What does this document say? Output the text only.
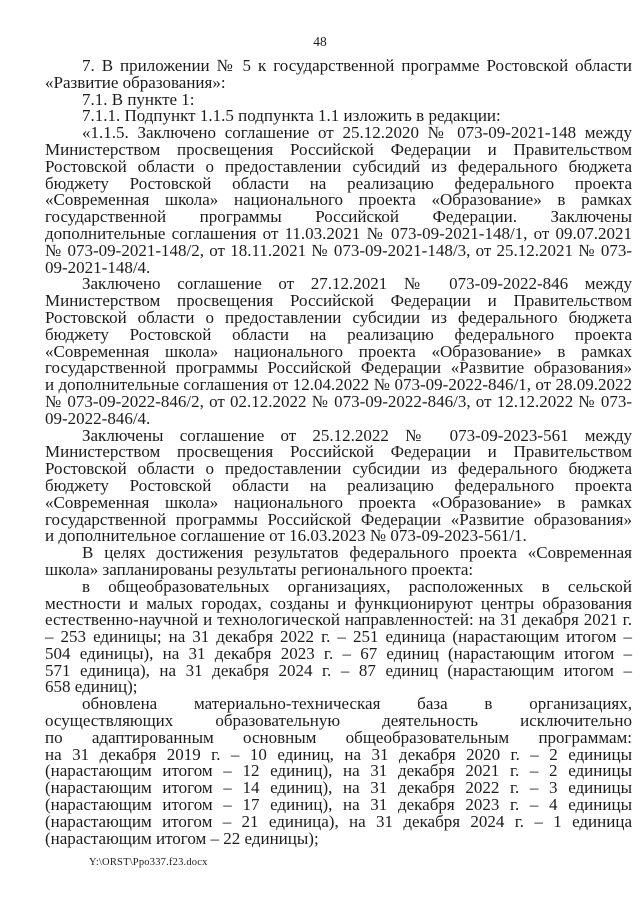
48

7. В приложении № 5 к государственной программе Ростовской области «Развитие образования»:

7.1. В пункте 1:

7.1.1. Подпункт 1.1.5 подпункта 1.1 изложить в редакции:

«1.1.5. Заключено соглашение от 25.12.2020 № 073-09-2021-148 между Министерством просвещения Российской Федерации и Правительством Ростовской области о предоставлении субсидий из федерального бюджета бюджету Ростовской области на реализацию федерального проекта «Современная школа» национального проекта «Образование» в рамках государственной программы Российской Федерации. Заключены дополнительные соглашения от 11.03.2021 № 073-09-2021-148/1, от 09.07.2021 № 073-09-2021-148/2, от 18.11.2021 № 073-09-2021-148/3, от 25.12.2021 № 073-09-2021-148/4.

Заключено соглашение от 27.12.2021 № 073-09-2022-846 между Министерством просвещения Российской Федерации и Правительством Ростовской области о предоставлении субсидии из федерального бюджета бюджету Ростовской области на реализацию федерального проекта «Современная школа» национального проекта «Образование» в рамках государственной программы Российской Федерации «Развитие образования» и дополнительные соглашения от 12.04.2022 № 073-09-2022-846/1, от 28.09.2022 № 073-09-2022-846/2, от 02.12.2022 № 073-09-2022-846/3, от 12.12.2022 № 073-09-2022-846/4.

Заключены соглашение от 25.12.2022 № 073-09-2023-561 между Министерством просвещения Российской Федерации и Правительством Ростовской области о предоставлении субсидии из федерального бюджета бюджету Ростовской области на реализацию федерального проекта «Современная школа» национального проекта «Образование» в рамках государственной программы Российской Федерации «Развитие образования» и дополнительное соглашение от 16.03.2023 № 073-09-2023-561/1.

В целях достижения результатов федерального проекта «Современная школа» запланированы результаты регионального проекта:

в общеобразовательных организациях, расположенных в сельской местности и малых городах, созданы и функционируют центры образования естественно-научной и технологической направленностей: на 31 декабря 2021 г. – 253 единицы; на 31 декабря 2022 г. – 251 единица (нарастающим итогом – 504 единицы), на 31 декабря 2023 г. – 67 единиц (нарастающим итогом – 571 единица), на 31 декабря 2024 г. – 87 единиц (нарастающим итогом – 658 единиц);

обновлена материально-техническая база в организациях, осуществляющих образовательную деятельность исключительно по адаптированным основным общеобразовательным программам: на 31 декабря 2019 г. – 10 единиц, на 31 декабря 2020 г. – 2 единицы (нарастающим итогом – 12 единиц), на 31 декабря 2021 г. – 2 единицы (нарастающим итогом – 14 единиц), на 31 декабря 2022 г. – 3 единицы (нарастающим итогом – 17 единиц), на 31 декабря 2023 г. – 4 единицы (нарастающим итогом – 21 единица), на 31 декабря 2024 г. – 1 единица (нарастающим итогом – 22 единицы);

Y:\ORST\Ppo337.f23.docx
